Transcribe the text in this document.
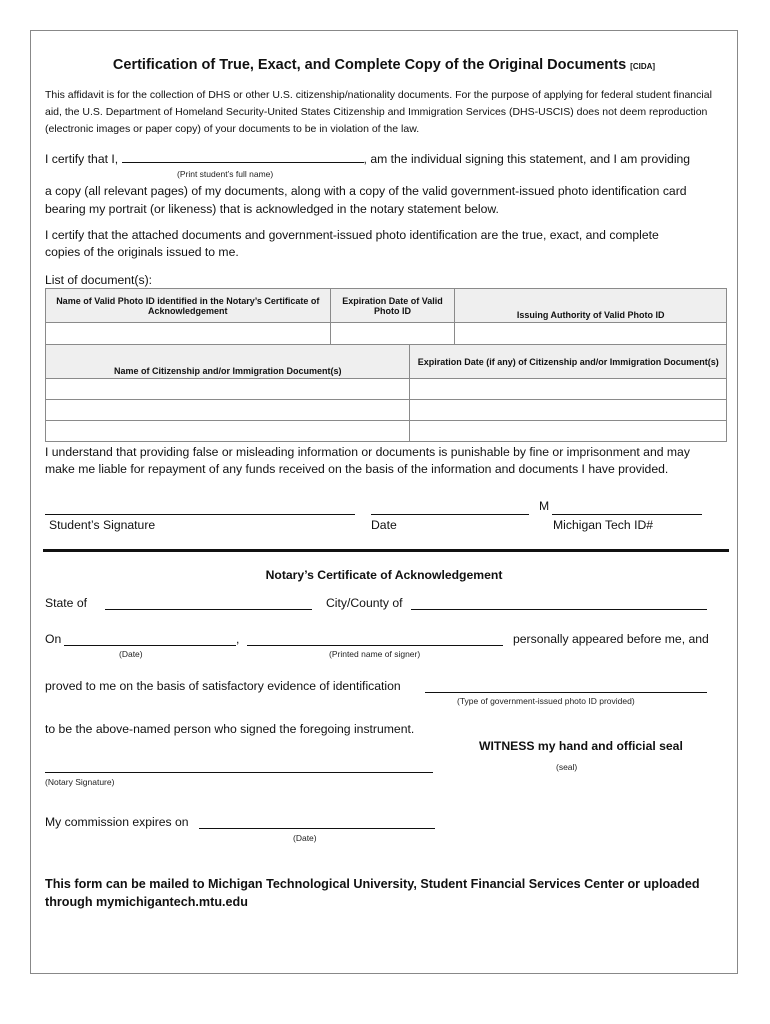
Certification of True, Exact, and Complete Copy of the Original Documents [CIDA]
This affidavit is for the collection of DHS or other U.S. citizenship/nationality documents. For the purpose of applying for federal student financial aid, the U.S. Department of Homeland Security-United States Citizenship and Immigration Services (DHS-USCIS) does not deem reproduction (electronic images or paper copy) of your documents to be in violation of the law.
I certify that I,	, am the individual signing this statement, and I am providing
(Print student’s full name)
a copy (all relevant pages) of my documents, along with a copy of the valid government-issued photo identification card
bearing my portrait (or likeness) that is acknowledged in the notary statement below.
I certify that the attached documents and government-issued photo identification are the true, exact, and complete
copies of the originals issued to me.
List of document(s):
Name of Valid Photo ID identified in the Notary’s Certificate of Acknowledgement	Expiration Date of Valid Photo ID	Issuing Authority of Valid Photo ID

Name of Citizenship and/or Immigration Document(s)	Expiration Date (if any) of Citizenship and/or Immigration Document(s)

I understand that providing false or misleading information or documents is punishable by fine or imprisonment and may
make me liable for repayment of any funds received on the basis of the information and documents I have provided.
M
Student’s Signature	Date	Michigan Tech ID#
Notary’s Certificate of Acknowledgement
State of	City/County of
On	,	personally appeared before me, and
(Date)	(Printed name of signer)
proved to me on the basis of satisfactory evidence of identification
(Type of government-issued photo ID provided)
to be the above-named person who signed the foregoing instrument.
WITNESS my hand and official seal
(seal)
(Notary Signature)
My commission expires on
(Date)
This form can be mailed to Michigan Technological University, Student Financial Services Center or uploaded
through mymichigantech.mtu.edu
